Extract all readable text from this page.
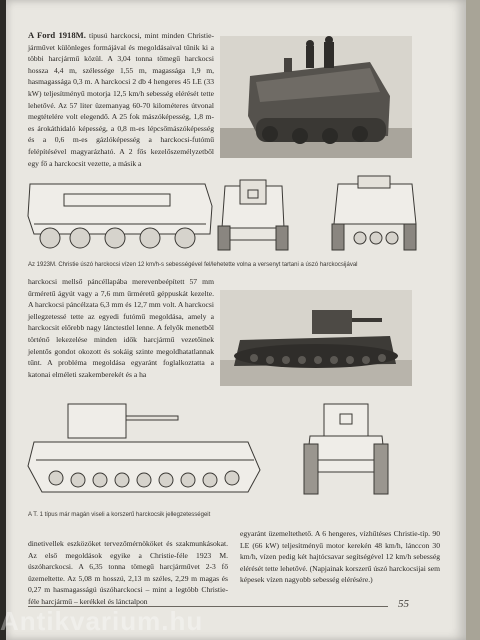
A Ford 1918M. típusú harckocsi, mint minden Christie-járművet különleges formájával és megoldásaival tűnik ki a többi harcjármű közül. A 3,04 tonna tömegű harckocsi hossza 4,4 m, szélessége 1,55 m, magassága 1,9 m, hasmagassága 0,3 m. A harckocsi 2 db 4 hengeres 45 LE (33 kW) teljesítményű motorja 12,5 km/h sebesség elérését tette lehetővé. Az 57 liter üzemanyag 60-70 kilométeres útvonal megtételére volt elegendő. A 25 fok mászóképesség, 1,8 m-es árokáthidaló képesség, a 0,8 m-es lépcsőmászóképesség és a 0,6 m-es gázlóképesség a harckocsi-futómű felépítésével magyarázható. A 2 fős kezelőszemélyzetből egy fő a harckocsit vezette, a másik a

Az 1923M. Christie úszó harckocsi vízen 12 km/h-s sebességével fel/lehetette volna a versenyt tartani a úszó harckocsijával

harckocsi mellső páncéllapába merevenbeépített 57 mm űrméretű ágyút vagy a 7,6 mm űrméretű géppuskát kezelte. A harckocsi páncélzata 6,3 mm és 12,7 mm volt. A harckocsi jellegzetessé tette az egyedi futómű megoldása, amely a harckocsit előrebb nagy lánctestlel lenne. A felyők menetből történő lekezelése minden idők harcjármű vezetőinek jelentős gondot okozott és sokáig szinte megoldhatatlannak tűnt. A probléma megoldása egyaránt foglalkoztatta a katonai elméleti szakemberekét és a ha

A T. 1 típus már magán viseli a korszerű harckocsik jellegzetességeit

dinetivellek eszközöket tervezőmérnököket és szakmunkásokat. Az első megoldások egyike a Christie-féle 1923 M. úszóharckocsi. A 6,35 tonna tömegű harcjárművet 2-3 fő üzemeltette. Az 5,08 m hosszú, 2,13 m széles, 2,29 m magas és 0,27 m hasmagasságú úszóharckocsi – mint a legtöbb Christie-féle harcjármű – kerékkel és lánctalpon

egyaránt üzemeltethető. A 6 hengeres, vízhűtéses Christie-típ. 90 LE (66 kW) teljesítményű motor kerekén 48 km/h, lánccon 30 km/h, vízen pedig két hajtócsavar segítségével 12 km/h sebesség elérését tette lehetővé. (Napjainak korszerű úszó harckocsijai sem képesek vízen nagyobb sebesség elérésére.)

55
Antikvarium.hu
